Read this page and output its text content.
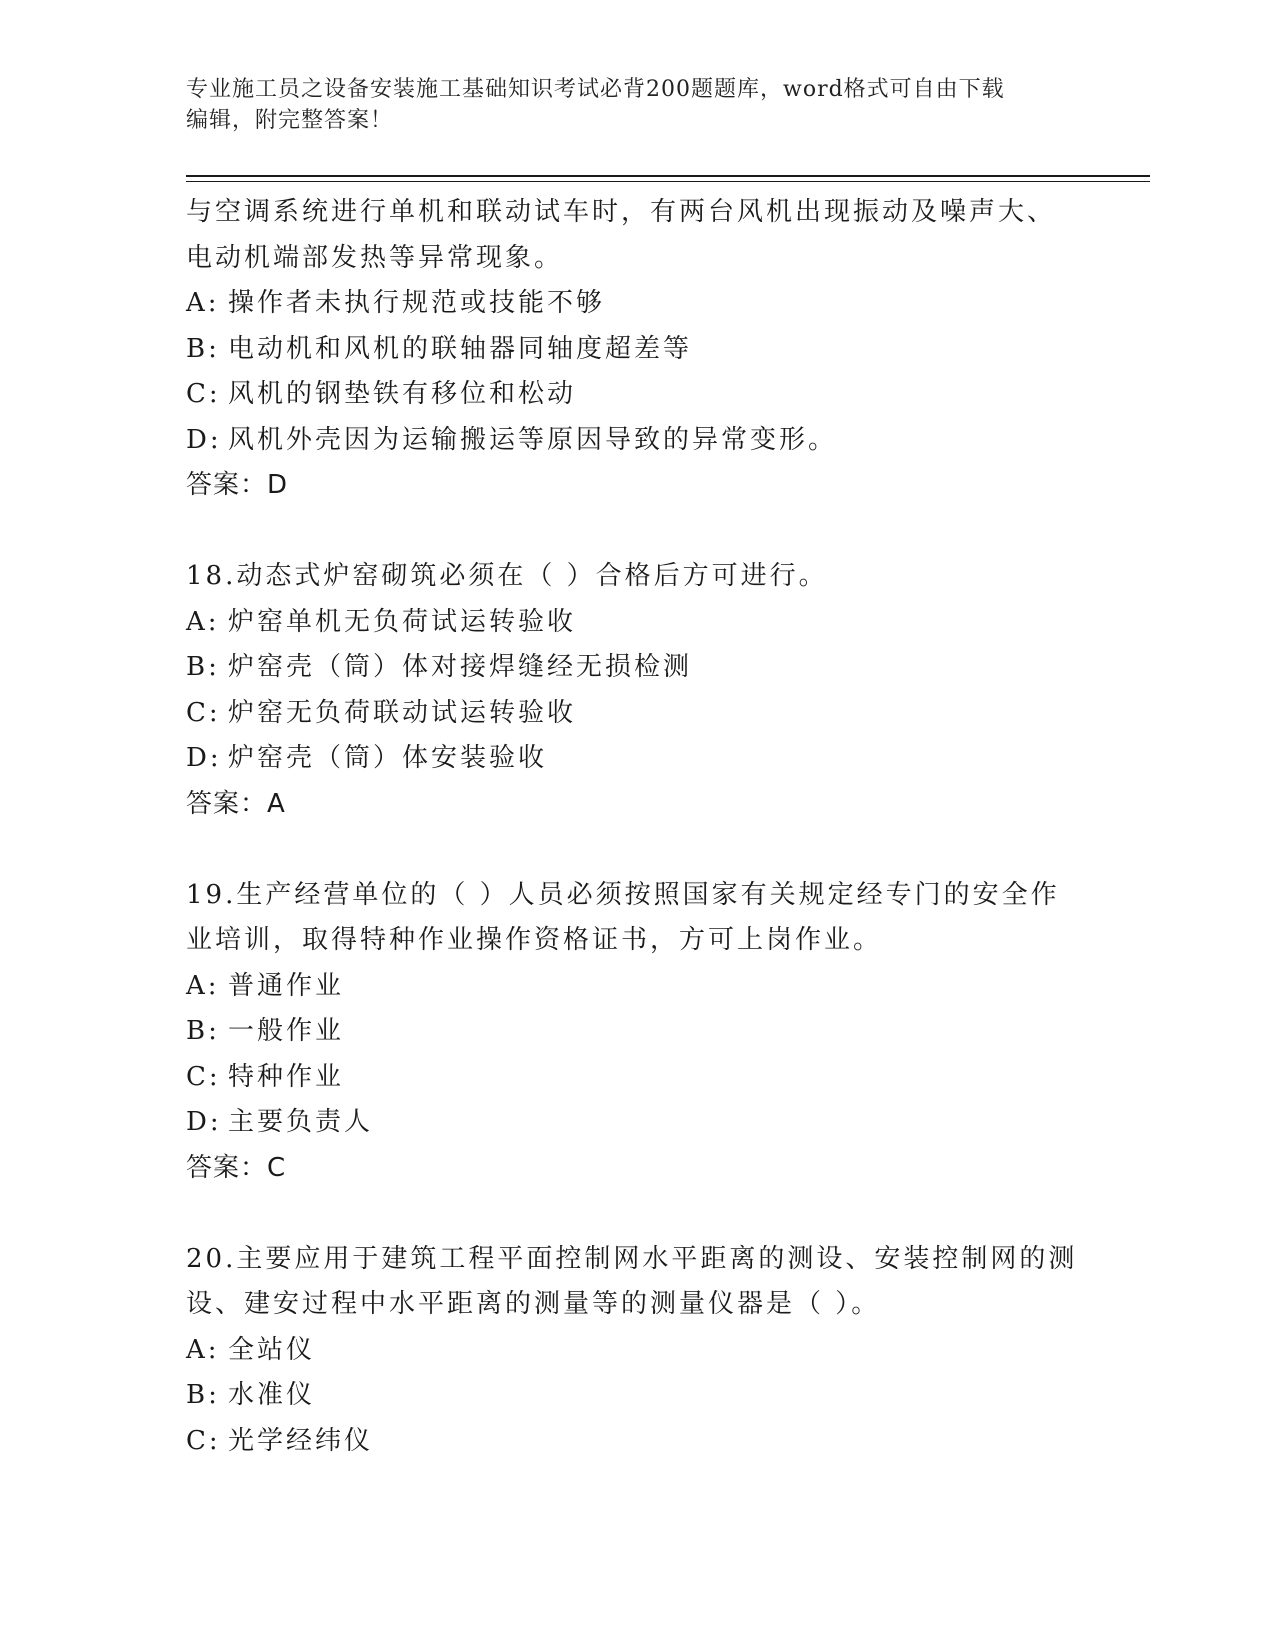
专业施工员之设备安装施工基础知识考试必背200题题库，word格式可自由下载
编辑，附完整答案！
与空调系统进行单机和联动试车时，有两台风机出现振动及噪声大、
电动机端部发热等异常现象。
A: 操作者未执行规范或技能不够
B: 电动机和风机的联轴器同轴度超差等
C: 风机的钢垫铁有移位和松动
D: 风机外壳因为运输搬运等原因导致的异常变形。
答案：D
18.动态式炉窑砌筑必须在（ ）合格后方可进行。
A: 炉窑单机无负荷试运转验收
B: 炉窑壳（筒）体对接焊缝经无损检测
C: 炉窑无负荷联动试运转验收
D: 炉窑壳（筒）体安装验收
答案：A
19.生产经营单位的（ ）人员必须按照国家有关规定经专门的安全作
业培训，取得特种作业操作资格证书，方可上岗作业。
A: 普通作业
B: 一般作业
C: 特种作业
D: 主要负责人
答案：C
20.主要应用于建筑工程平面控制网水平距离的测设、安装控制网的测
设、建安过程中水平距离的测量等的测量仪器是（ ）。
A: 全站仪
B: 水准仪
C: 光学经纬仪
